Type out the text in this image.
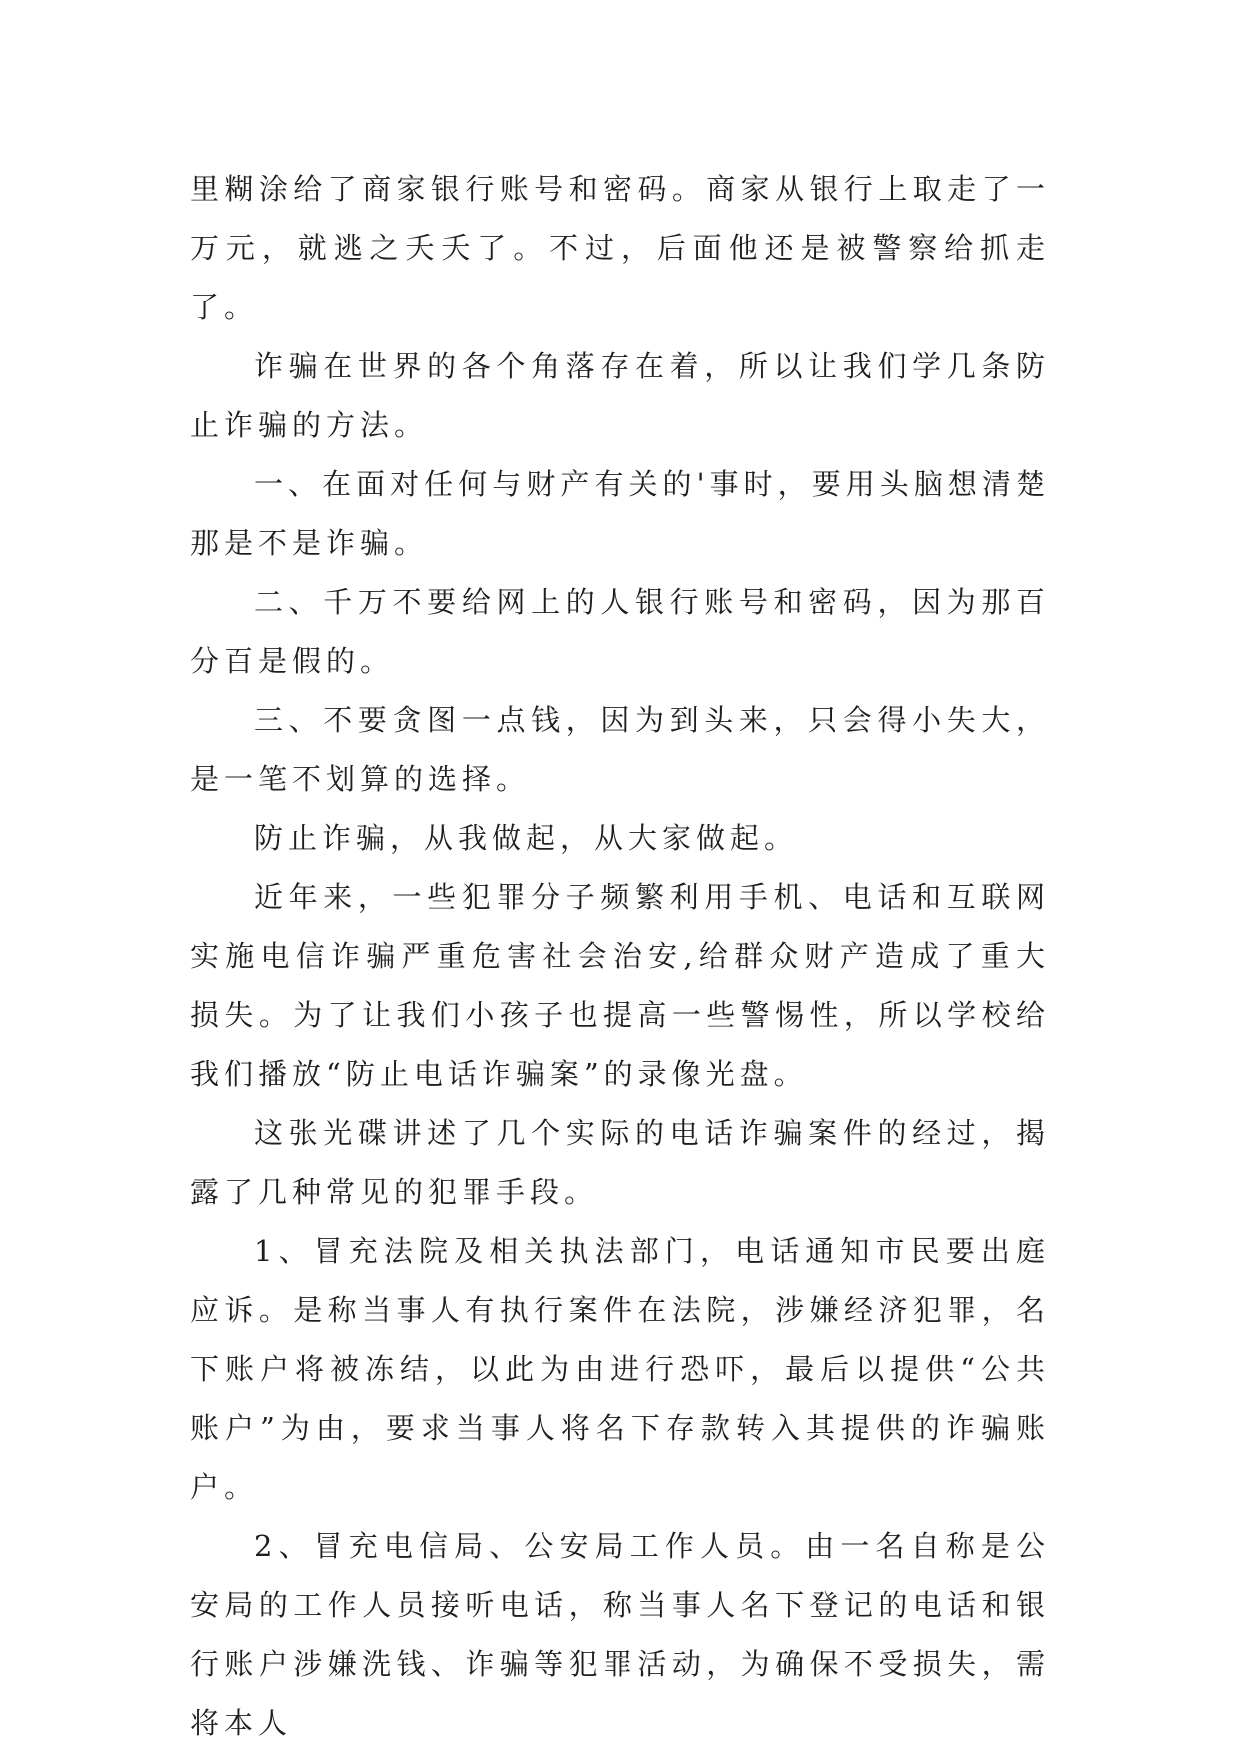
里糊涂给了商家银行账号和密码。商家从银行上取走了一万元，就逃之夭夭了。不过，后面他还是被警察给抓走了。

诈骗在世界的各个角落存在着，所以让我们学几条防止诈骗的方法。

一、在面对任何与财产有关的'事时，要用头脑想清楚那是不是诈骗。

二、千万不要给网上的人银行账号和密码，因为那百分百是假的。

三、不要贪图一点钱，因为到头来，只会得小失大，是一笔不划算的选择。

防止诈骗，从我做起，从大家做起。

近年来，一些犯罪分子频繁利用手机、电话和互联网实施电信诈骗严重危害社会治安,给群众财产造成了重大损失。为了让我们小孩子也提高一些警惕性，所以学校给我们播放“防止电话诈骗案”的录像光盘。

这张光碟讲述了几个实际的电话诈骗案件的经过，揭露了几种常见的犯罪手段。

1、冒充法院及相关执法部门，电话通知市民要出庭应诉。是称当事人有执行案件在法院，涉嫌经济犯罪，名下账户将被冻结，以此为由进行恐吓，最后以提供“公共账户”为由，要求当事人将名下存款转入其提供的诈骗账户。

2、冒充电信局、公安局工作人员。由一名自称是公安局的工作人员接听电话，称当事人名下登记的电话和银行账户涉嫌洗钱、诈骗等犯罪活动，为确保不受损失，需将本人
